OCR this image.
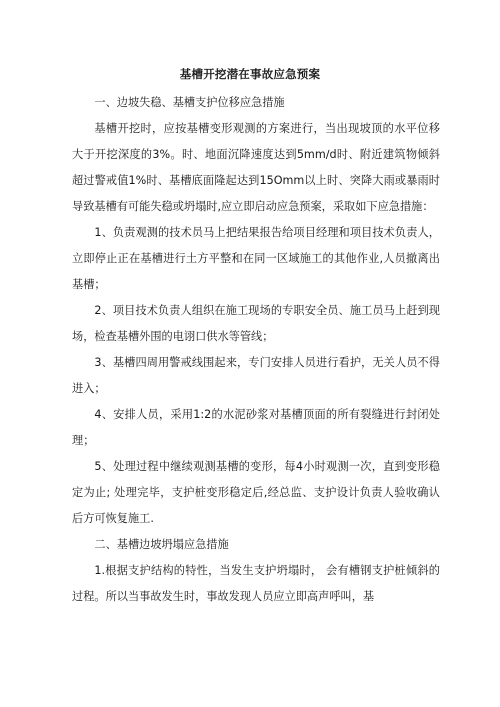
基槽开挖潜在事故应急预案

一、边坡失稳、基槽支护位移应急措施

基槽开挖时，应按基槽变形观测的方案进行，当出现坡顶的水平位移大于开挖深度的3%。时、地面沉降速度达到5mm∕d时、附近建筑物倾斜超过警戒值1%时、基槽底面隆起达到15Omm以上时、突降大雨或暴雨时导致基槽有可能失稳或坍塌时,应立即启动应急预案，采取如下应急措施：

1、负责观测的技术员马上把结果报告给项目经理和项目技术负责人，立即停止正在基槽进行土方平整和在同一区域施工的其他作业,人员撤离出基槽；

2、项目技术负责人组织在施工现场的专职安全员、施工员马上赶到现场，检查基槽外围的电诩口供水等管线；

3、基槽四周用警戒线围起来，专门安排人员进行看护，无关人员不得进入；

4、安排人员，采用1:2的水泥砂浆对基槽顶面的所有裂缝进行封闭处理；

5、处理过程中继续观测基槽的变形，每4小时观测一次，直到变形稳定为止; 处理完毕，支护桩变形稳定后,经总监、支护设计负责人验收确认后方可恢复施工.

二、基槽边坡坍塌应急措施

1.根据支护结构的特性，当发生支护坍塌时， 会有槽钢支护桩倾斜的过程。所以当事故发生时，事故发现人员应立即高声呼叫，基
